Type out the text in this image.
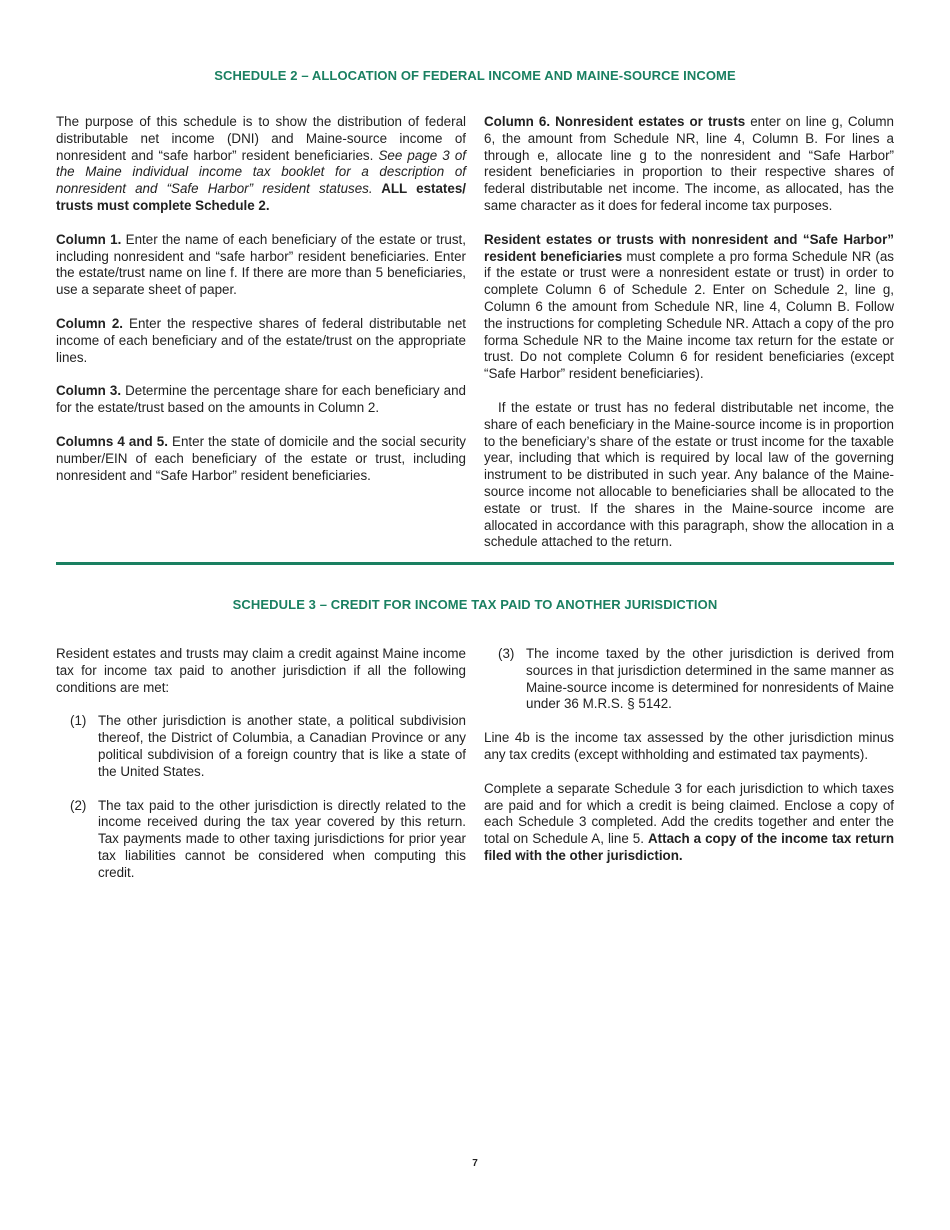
SCHEDULE 2 – ALLOCATION OF FEDERAL INCOME AND MAINE-SOURCE INCOME

The purpose of this schedule is to show the distribution of federal distributable net income (DNI) and Maine-source income of nonresident and “safe harbor” resident beneficiaries. See page 3 of the Maine individual income tax booklet for a description of nonresident and “Safe Harbor” resident statuses. ALL estates/ trusts must complete Schedule 2.

Column 1. Enter the name of each beneficiary of the estate or trust, including nonresident and “safe harbor” resident beneficiaries. Enter the estate/trust name on line f. If there are more than 5 beneficiaries, use a separate sheet of paper.

Column 2. Enter the respective shares of federal distributable net income of each beneficiary and of the estate/trust on the appropriate lines.

Column 3. Determine the percentage share for each beneficiary and for the estate/trust based on the amounts in Column 2.

Columns 4 and 5. Enter the state of domicile and the social security number/EIN of each beneficiary of the estate or trust, including nonresident and “Safe Harbor” resident beneficiaries.

Column 6. Nonresident estates or trusts enter on line g, Column 6, the amount from Schedule NR, line 4, Column B. For lines a through e, allocate line g to the nonresident and “Safe Harbor” resident beneficiaries in proportion to their respective shares of federal distributable net income. The income, as allocated, has the same character as it does for federal income tax purposes.

Resident estates or trusts with nonresident and “Safe Harbor” resident beneficiaries must complete a pro forma Schedule NR (as if the estate or trust were a nonresident estate or trust) in order to complete Column 6 of Schedule 2. Enter on Schedule 2, line g, Column 6 the amount from Schedule NR, line 4, Column B. Follow the instructions for completing Schedule NR. Attach a copy of the pro forma Schedule NR to the Maine income tax return for the estate or trust. Do not complete Column 6 for resident beneficiaries (except “Safe Harbor” resident beneficiaries).

If the estate or trust has no federal distributable net income, the share of each beneficiary in the Maine-source income is in proportion to the beneficiary’s share of the estate or trust income for the taxable year, including that which is required by local law of the governing instrument to be distributed in such year. Any balance of the Maine-source income not allocable to beneficiaries shall be allocated to the estate or trust. If the shares in the Maine-source income are allocated in accordance with this paragraph, show the allocation in a schedule attached to the return.

SCHEDULE 3 – CREDIT FOR INCOME TAX PAID TO ANOTHER JURISDICTION

Resident estates and trusts may claim a credit against Maine income tax for income tax paid to another jurisdiction if all the following conditions are met:

(1) The other jurisdiction is another state, a political subdivision thereof, the District of Columbia, a Canadian Province or any political subdivision of a foreign country that is like a state of the United States.
(2) The tax paid to the other jurisdiction is directly related to the income received during the tax year covered by this return. Tax payments made to other taxing jurisdictions for prior year tax liabilities cannot be considered when computing this credit.
(3) The income taxed by the other jurisdiction is derived from sources in that jurisdiction determined in the same manner as Maine-source income is determined for nonresidents of Maine under 36 M.R.S. § 5142.

Line 4b is the income tax assessed by the other jurisdiction minus any tax credits (except withholding and estimated tax payments).

Complete a separate Schedule 3 for each jurisdiction to which taxes are paid and for which a credit is being claimed. Enclose a copy of each Schedule 3 completed. Add the credits together and enter the total on Schedule A, line 5. Attach a copy of the income tax return filed with the other jurisdiction.

7
